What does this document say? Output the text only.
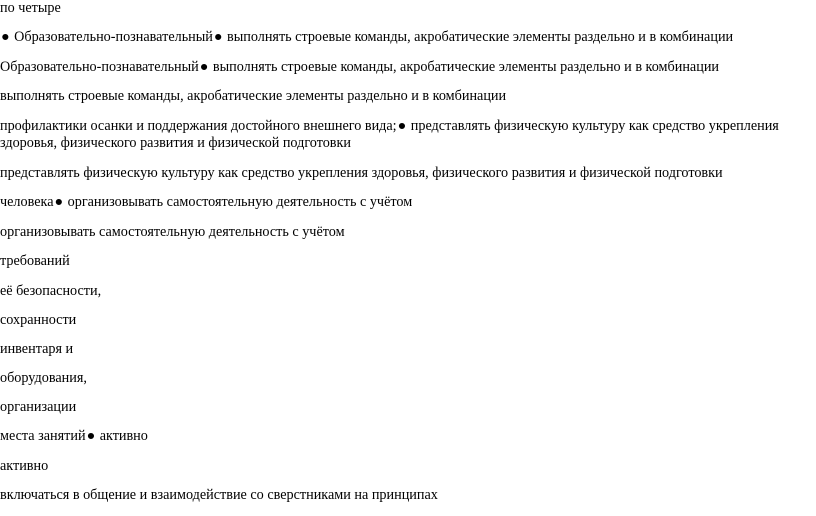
по четыре

● Образовательно-познавательный● выполнять строевые команды, акробатические элементы раздельно и в комбинации

Образовательно-познавательный● выполнять строевые команды, акробатические элементы раздельно и в комбинации

выполнять строевые команды, акробатические элементы раздельно и в комбинации

профилактики осанки и поддержания достойного внешнего вида;● представлять физическую культуру как средство укрепления здоровья, физического развития и физической подготовки

представлять физическую культуру как средство укрепления здоровья, физического развития и физической подготовки

человека● организовывать самостоятельную деятельность с учётом

организовывать самостоятельную деятельность с учётом

требований

её безопасности,

сохранности

инвентаря и

оборудования,

организации

места занятий● активно

активно

включаться в общение и взаимодействие со сверстниками на принципах
